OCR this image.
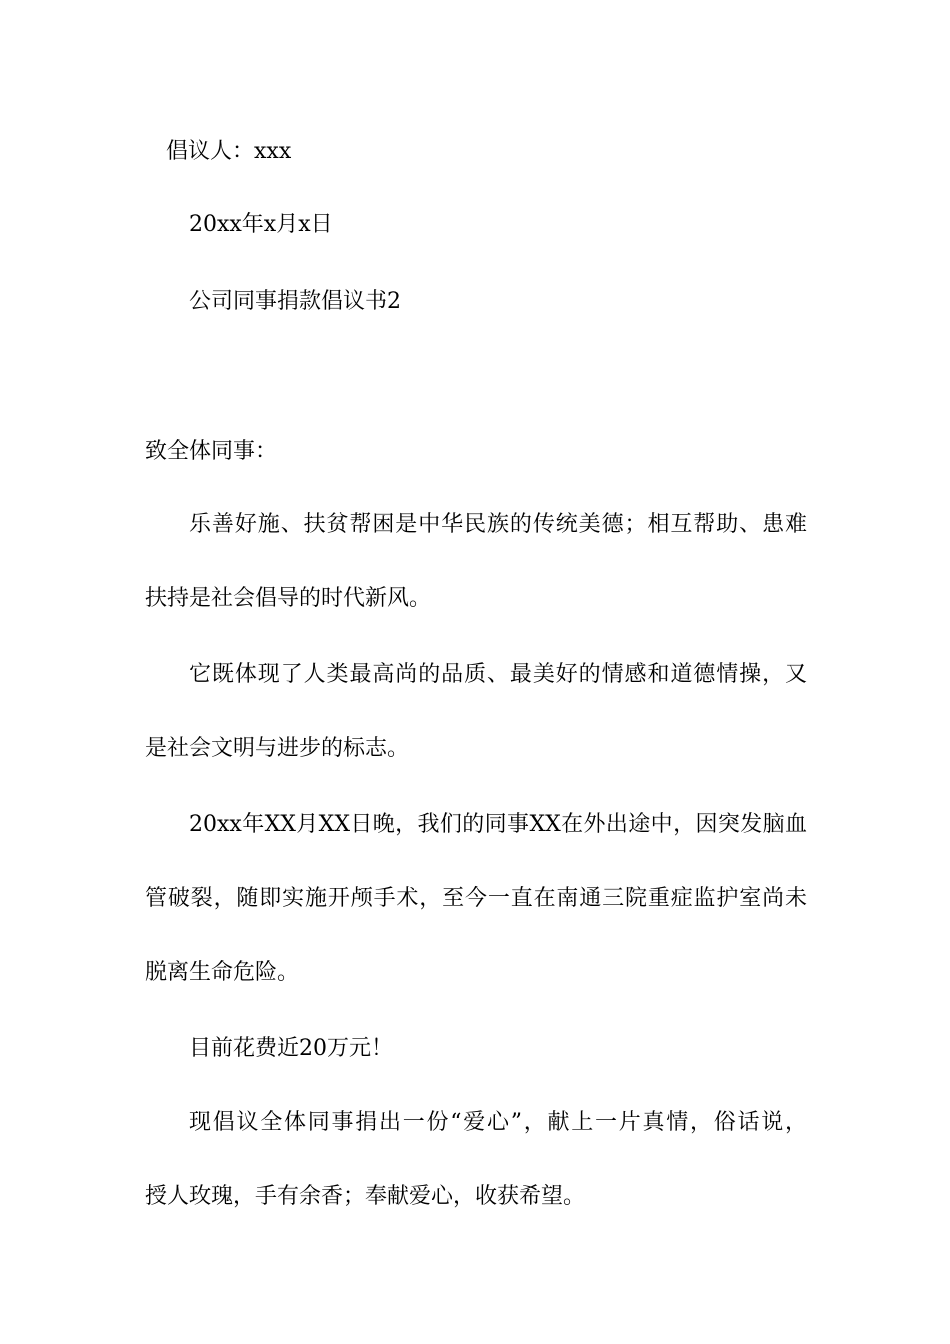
倡议人：xxx
20xx年x月x日
公司同事捐款倡议书2
致全体同事：
乐善好施、扶贫帮困是中华民族的传统美德；相互帮助、患难
扶持是社会倡导的时代新风。
它既体现了人类最高尚的品质、最美好的情感和道德情操，又
是社会文明与进步的标志。
20xx年XX月XX日晚，我们的同事XX在外出途中，因突发脑血
管破裂，随即实施开颅手术，至今一直在南通三院重症监护室尚未
脱离生命危险。
目前花费近20万元！
现倡议全体同事捐出一份“爱心”，献上一片真情，俗话说，
授人玫瑰，手有余香；奉献爱心，收获希望。
